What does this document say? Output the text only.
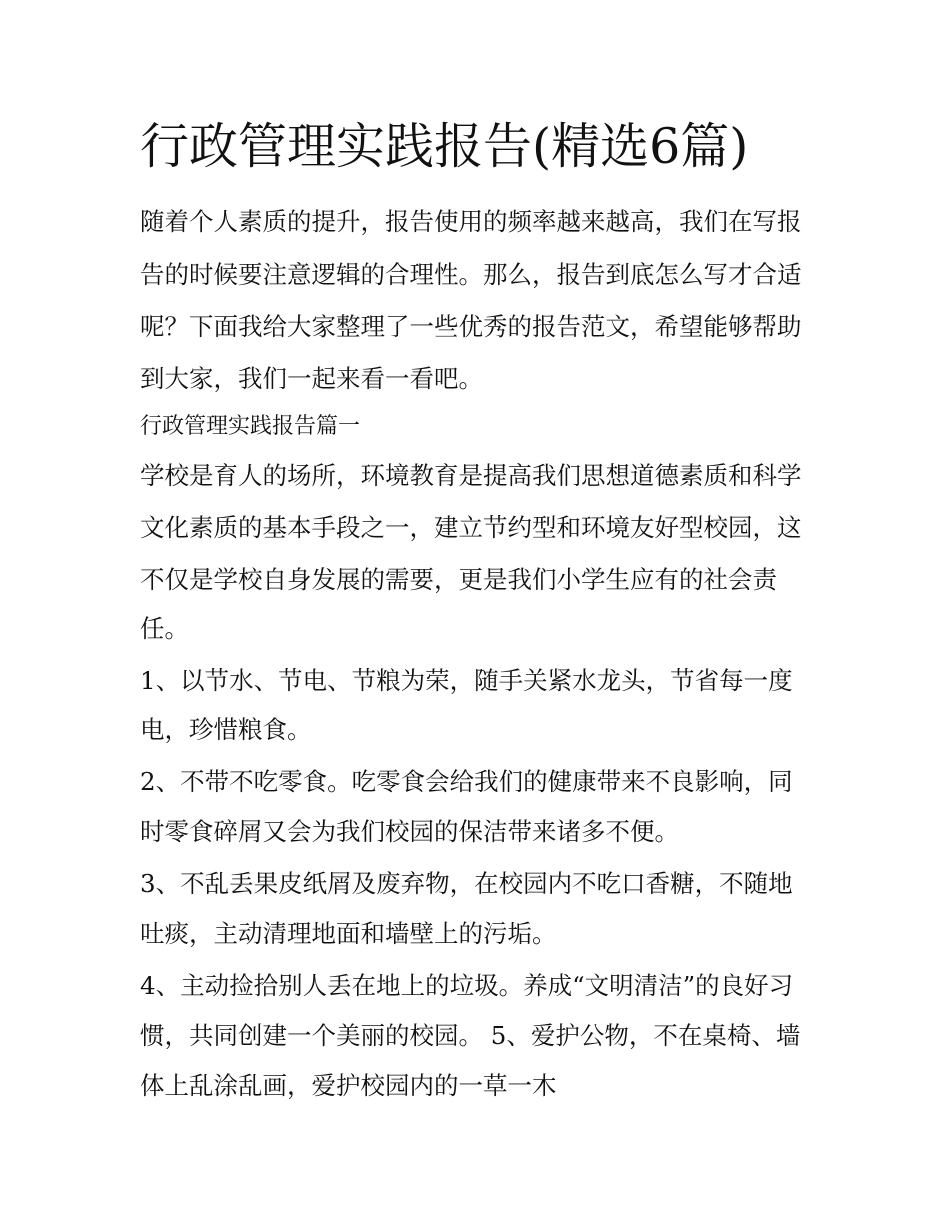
行政管理实践报告(精选6篇)
随着个人素质的提升，报告使用的频率越来越高，我们在写报
告的时候要注意逻辑的合理性。那么，报告到底怎么写才合适
呢？下面我给大家整理了一些优秀的报告范文，希望能够帮助
到大家，我们一起来看一看吧。
行政管理实践报告篇一
学校是育人的场所，环境教育是提高我们思想道德素质和科学
文化素质的基本手段之一，建立节约型和环境友好型校园，这
不仅是学校自身发展的需要，更是我们小学生应有的社会责
任。
1、以节水、节电、节粮为荣，随手关紧水龙头，节省每一度
电，珍惜粮食。
2、不带不吃零食。吃零食会给我们的健康带来不良影响，同
时零食碎屑又会为我们校园的保洁带来诸多不便。
3、不乱丢果皮纸屑及废弃物，在校园内不吃口香糖，不随地
吐痰，主动清理地面和墙壁上的污垢。
4、主动捡拾别人丢在地上的垃圾。养成“文明清洁”的良好习
惯，共同创建一个美丽的校园。 5、爱护公物，不在桌椅、墙
体上乱涂乱画，爱护校园内的一草一木
